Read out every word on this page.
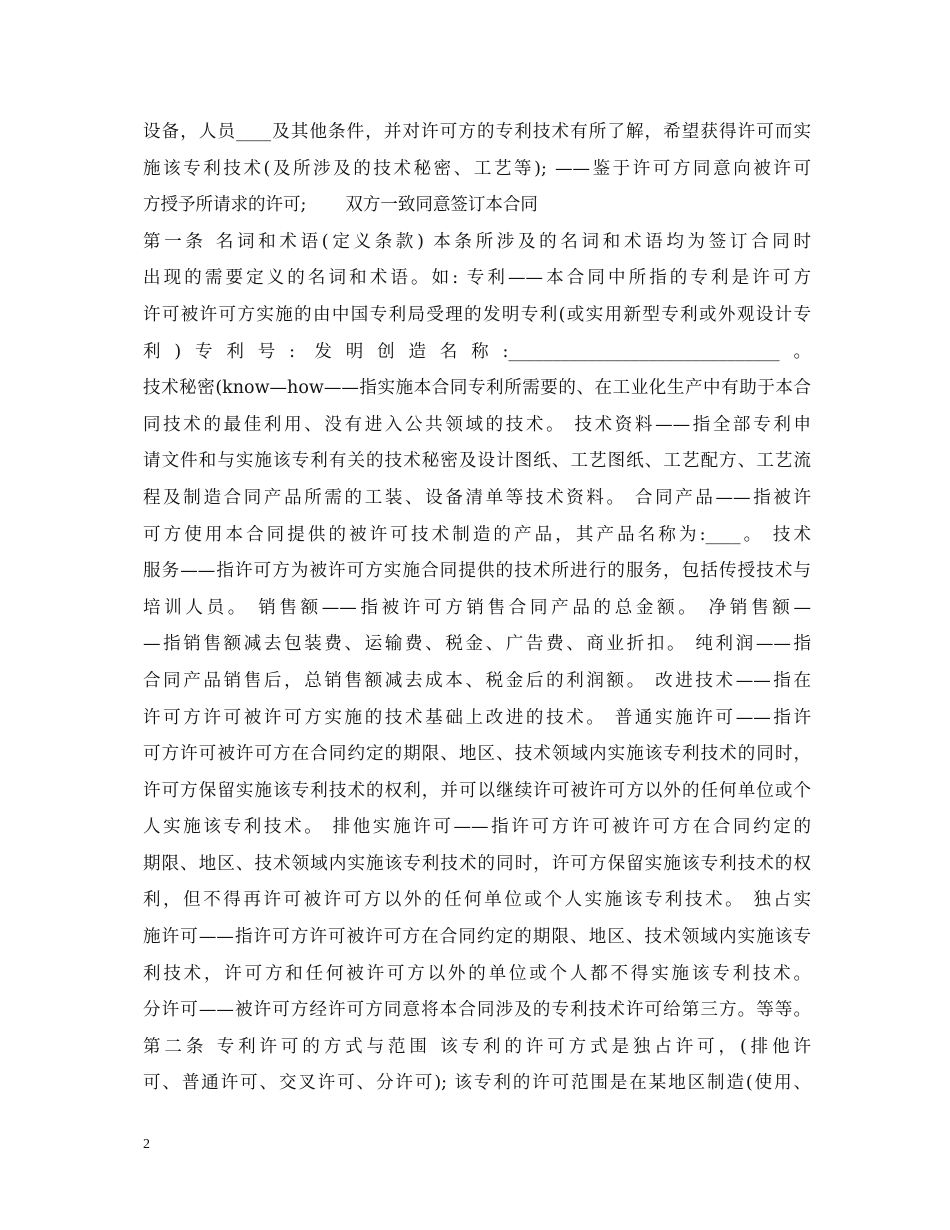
设备，人员____及其他条件，并对许可方的专利技术有所了解，希望获得许可而实
施该专利技术(及所涉及的技术秘密、工艺等); ——鉴于许可方同意向被许可
方授予所请求的许可;       双方一致同意签订本合同
第一条 名词和术语(定义条款) 本条所涉及的名词和术语均为签订合同时
出现的需要定义的名词和术语。如: 专利——本合同中所指的专利是许可方
许可被许可方实施的由中国专利局受理的发明专利(或实用新型专利或外观设计专
利)专利号: 发明创造名称:_______________________________。
技术秘密(know—how——指实施本合同专利所需要的、在工业化生产中有助于本合
同技术的最佳利用、没有进入公共领域的技术。 技术资料——指全部专利申
请文件和与实施该专利有关的技术秘密及设计图纸、工艺图纸、工艺配方、工艺流
程及制造合同产品所需的工装、设备清单等技术资料。 合同产品——指被许
可方使用本合同提供的被许可技术制造的产品，其产品名称为:____。 技术
服务——指许可方为被许可方实施合同提供的技术所进行的服务，包括传授技术与
培训人员。 销售额——指被许可方销售合同产品的总金额。 净销售额—
—指销售额减去包装费、运输费、税金、广告费、商业折扣。 纯利润——指
合同产品销售后，总销售额减去成本、税金后的利润额。 改进技术——指在
许可方许可被许可方实施的技术基础上改进的技术。 普通实施许可——指许
可方许可被许可方在合同约定的期限、地区、技术领域内实施该专利技术的同时，
许可方保留实施该专利技术的权利，并可以继续许可被许可方以外的任何单位或个
人实施该专利技术。 排他实施许可——指许可方许可被许可方在合同约定的
期限、地区、技术领域内实施该专利技术的同时，许可方保留实施该专利技术的权
利，但不得再许可被许可方以外的任何单位或个人实施该专利技术。 独占实
施许可——指许可方许可被许可方在合同约定的期限、地区、技术领域内实施该专
利技术，许可方和任何被许可方以外的单位或个人都不得实施该专利技术。
分许可——被许可方经许可方同意将本合同涉及的专利技术许可给第三方。等等。
第二条 专利许可的方式与范围 该专利的许可方式是独占许可，(排他许
可、普通许可、交叉许可、分许可); 该专利的许可范围是在某地区制造(使用、
2
